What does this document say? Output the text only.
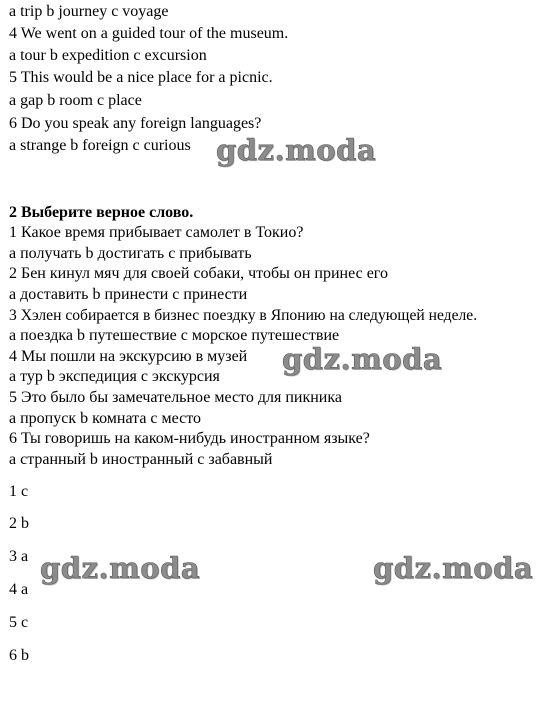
a trip b journey c voyage
4 We went on a guided tour of the museum.
a tour b expedition c excursion
5 This would be a nice place for a picnic.
a gap b room c place
6 Do you speak any foreign languages?
a strange b foreign c curious
2 Выберите верное слово.
1 Какое время прибывает самолет в Токио?
a получать b достигать c прибывать
2 Бен кинул мяч для своей собаки, чтобы он принес его
a доставить b принести c принести
3 Хэлен собирается в бизнес поездку в Японию на следующей неделе.
a поездка b путешествие c морское путешествие
4 Мы пошли на экскурсию в музей
a тур b экспедиция c экскурсия
5 Это было бы замечательное место для пикника
a пропуск b комната c место
6 Ты говоришь на каком-нибудь иностранном языке?
a странный b иностранный c забавный
1 c
2 b
3 a
4 a
5 c
6 b
gdz.moda
gdz.moda
gdz.moda	gdz.moda
